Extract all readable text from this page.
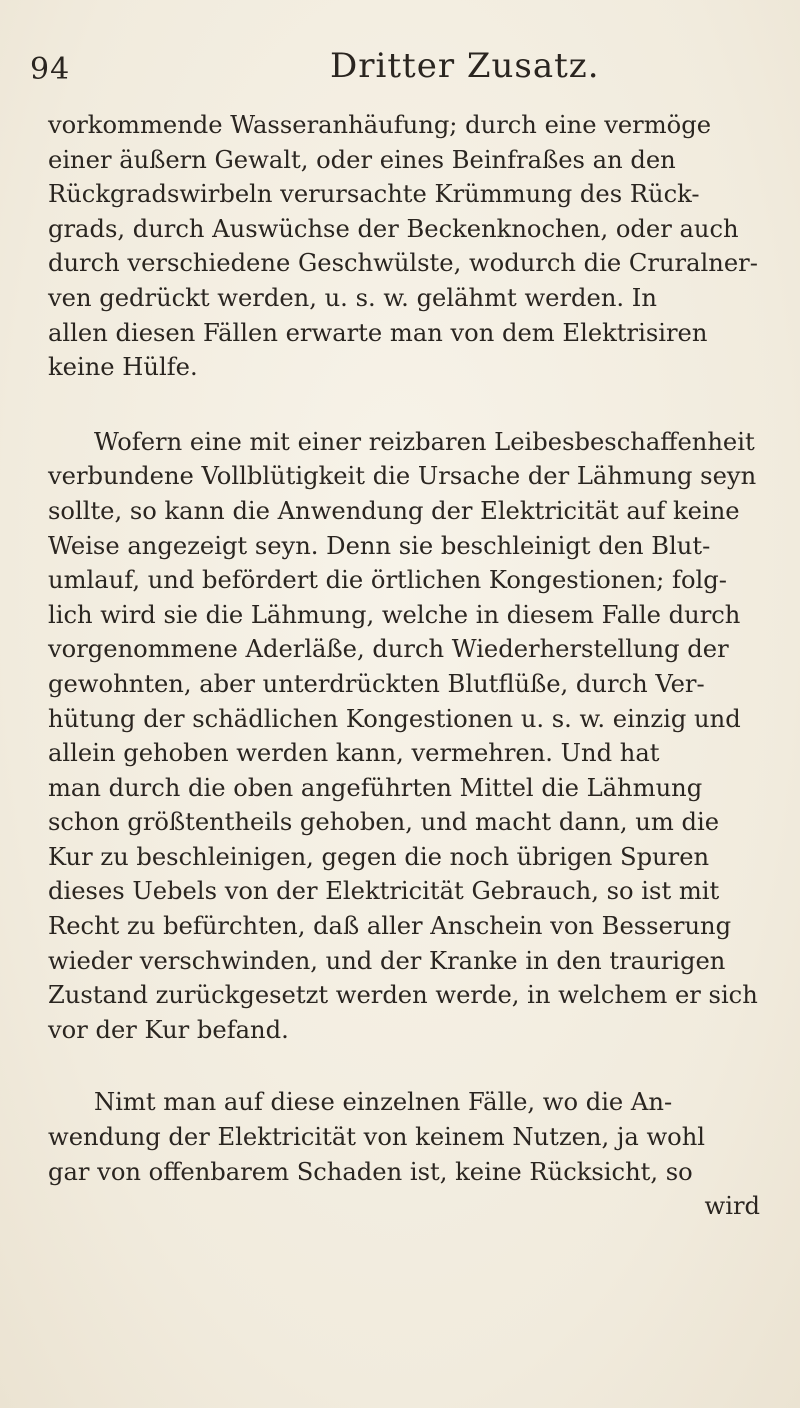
94	Dritter Zusatz.

vorkommende Wasseranhäufung; durch eine vermöge
einer äußern Gewalt, oder eines Beinfraßes an den
Rückgradswirbeln verursachte Krümmung des Rück-
grads, durch Auswüchse der Beckenknochen, oder auch
durch verschiedene Geschwülste, wodurch die Cruralner-
ven gedrückt werden, u. s. w. gelähmt werden. In
allen diesen Fällen erwarte man von dem Elektrisiren
keine Hülfe.

Wofern eine mit einer reizbaren Leibesbeschaffenheit
verbundene Vollblütigkeit die Ursache der Lähmung seyn
sollte, so kann die Anwendung der Elektricität auf keine
Weise angezeigt seyn. Denn sie beschleinigt den Blut-
umlauf, und befördert die örtlichen Kongestionen; folg-
lich wird sie die Lähmung, welche in diesem Falle durch
vorgenommene Aderläße, durch Wiederherstellung der
gewohnten, aber unterdrückten Blutflüße, durch Ver-
hütung der schädlichen Kongestionen u. s. w. einzig und
allein gehoben werden kann, vermehren. Und hat
man durch die oben angeführten Mittel die Lähmung
schon größtentheils gehoben, und macht dann, um die
Kur zu beschleinigen, gegen die noch übrigen Spuren
dieses Uebels von der Elektricität Gebrauch, so ist mit
Recht zu befürchten, daß aller Anschein von Besserung
wieder verschwinden, und der Kranke in den traurigen
Zustand zurückgesetzt werden werde, in welchem er sich
vor der Kur befand.

Nimt man auf diese einzelnen Fälle, wo die An-
wendung der Elektricität von keinem Nutzen, ja wohl
gar von offenbarem Schaden ist, keine Rücksicht, so
wird
